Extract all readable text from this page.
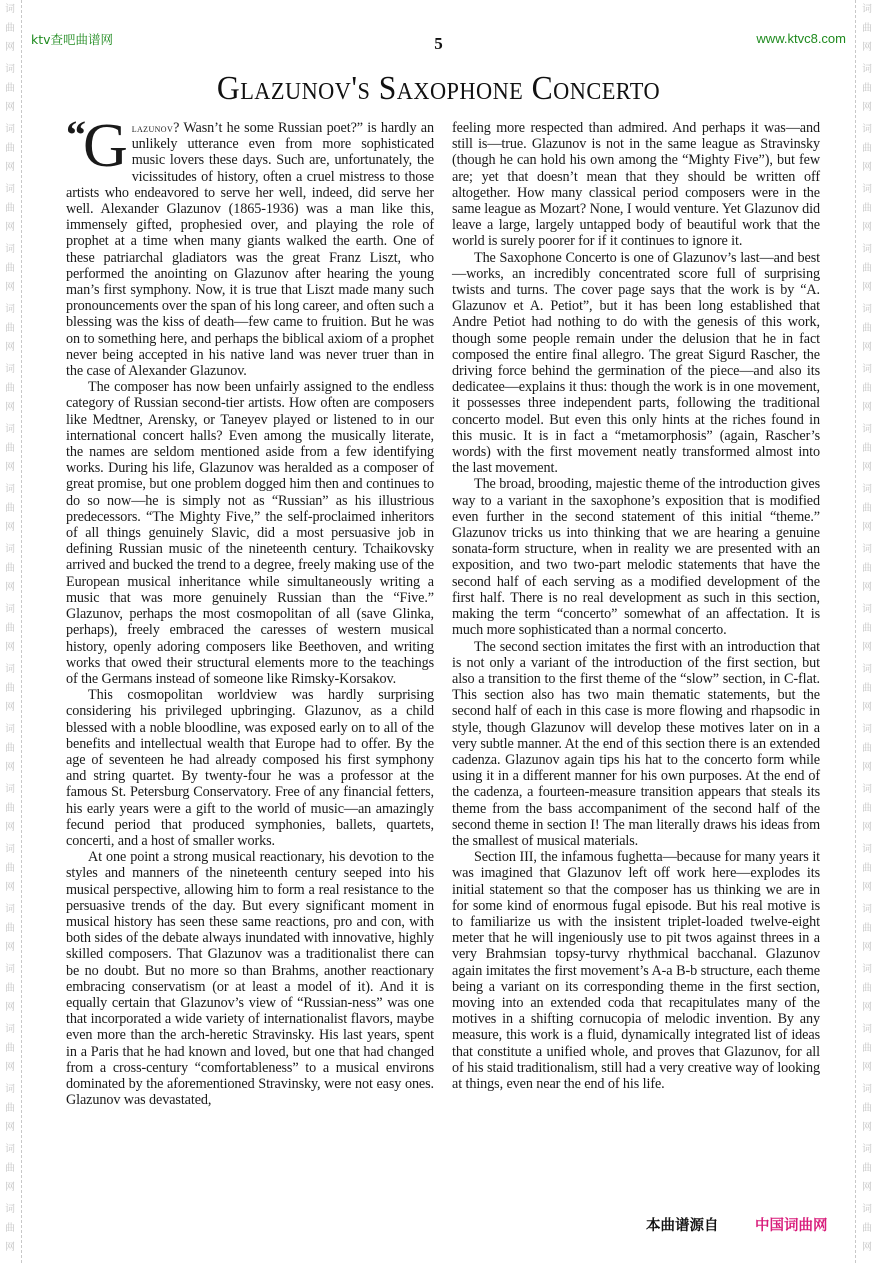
词
曲
网
词
曲
网
词
曲
网
词
曲
网
词
曲
网
词
曲
网
词
曲
网
词
曲
网
词
曲
网
词
曲
网
词
曲
网
词
曲
网
词
曲
网
词
曲
网
词
曲
网
词
曲
网
词
曲
网
词
曲
网
词
曲
网
词
曲
网
词
曲
网
词
曲
网
词
曲
网
词
曲
网
词
曲
网
词
曲
网
词
曲
网
词
曲
网
词
曲
网
词
曲
网
词
曲
网
词
曲
网
词
曲
网
词
曲
网
词
曲
网
词
曲
网
词
曲
网
词
曲
网
词
曲
网
词
曲
网
词
曲
网
词
曲
网
ktv查吧曲谱网	5	www.ktvc8.com
Glazunov's Saxophone Concerto

“ G lazunov? Wasn’t he some Russian poet?” is hardly an unlikely utterance even from more sophisticated music lovers these days. Such are, unfortunately, the vicissitudes of history, often a cruel mistress to those artists who endeavored to serve her well, indeed, did serve her well. Alexander Glazunov (1865-1936) was a man like this, immensely gifted, prophesied over, and playing the role of prophet at a time when many giants walked the earth. One of these patriarchal gladiators was the great Franz Liszt, who performed the anointing on Glazunov after hearing the young man’s first symphony. Now, it is true that Liszt made many such pronouncements over the span of his long career, and often such a blessing was the kiss of death—few came to fruition. But he was on to something here, and perhaps the biblical axiom of a prophet never being accepted in his native land was never truer than in the case of Alexander Glazunov.

The composer has now been unfairly assigned to the endless category of Russian second-tier artists. How often are composers like Medtner, Arensky, or Taneyev played or listened to in our international concert halls? Even among the musically literate, the names are seldom mentioned aside from a few identifying works. During his life, Glazunov was heralded as a composer of great promise, but one problem dogged him then and continues to do so now—he is simply not as “Russian” as his illustrious predecessors. “The Mighty Five,” the self-proclaimed inheritors of all things genuinely Slavic, did a most persuasive job in defining Russian music of the nineteenth century. Tchaikovsky arrived and bucked the trend to a degree, freely making use of the European musical inheritance while simultaneously writing a music that was more genuinely Russian than the “Five.” Glazunov, perhaps the most cosmopolitan of all (save Glinka, perhaps), freely embraced the caresses of western musical history, openly adoring composers like Beethoven, and writing works that owed their structural elements more to the teachings of the Germans instead of someone like Rimsky-Korsakov.

This cosmopolitan worldview was hardly surprising considering his privileged upbringing. Glazunov, as a child blessed with a noble bloodline, was exposed early on to all of the benefits and intellectual wealth that Europe had to offer. By the age of seventeen he had already composed his first symphony and string quartet. By twenty-four he was a professor at the famous St. Petersburg Conservatory. Free of any financial fetters, his early years were a gift to the world of music—an amazingly fecund period that produced symphonies, ballets, quartets, concerti, and a host of smaller works.

At one point a strong musical reactionary, his devotion to the styles and manners of the nineteenth century seeped into his musical perspective, allowing him to form a real resistance to the persuasive trends of the day. But every significant moment in musical history has seen these same reactions, pro and con, with both sides of the debate always inundated with innovative, highly skilled composers. That Glazunov was a traditionalist there can be no doubt. But no more so than Brahms, another reactionary embracing conservatism (or at least a model of it). And it is equally certain that Glazunov’s view of “Russian-ness” was one that incorporated a wide variety of internationalist flavors, maybe even more than the arch-heretic Stravinsky. His last years, spent in a Paris that he had known and loved, but one that had changed from a cross-century “comfortableness” to a musical environs dominated by the aforementioned Stravinsky, were not easy ones. Glazunov was devastated,

feeling more respected than admired. And perhaps it was—and still is—true. Glazunov is not in the same league as Stravinsky (though he can hold his own among the “Mighty Five”), but few are; yet that doesn’t mean that they should be written off altogether. How many classical period composers were in the same league as Mozart? None, I would venture. Yet Glazunov did leave a large, largely untapped body of beautiful work that the world is surely poorer for if it continues to ignore it.

The Saxophone Concerto is one of Glazunov’s last—and best—works, an incredibly concentrated score full of surprising twists and turns. The cover page says that the work is by “A. Glazunov et A. Petiot”, but it has been long established that Andre Petiot had nothing to do with the genesis of this work, though some people remain under the delusion that he in fact composed the entire final allegro. The great Sigurd Rascher, the driving force behind the germination of the piece—and also its dedicatee—explains it thus: though the work is in one movement, it possesses three independent parts, following the traditional concerto model. But even this only hints at the riches found in this music. It is in fact a “metamorphosis” (again, Rascher’s words) with the first movement neatly transformed almost into the last movement.

The broad, brooding, majestic theme of the introduction gives way to a variant in the saxophone’s exposition that is modified even further in the second statement of this initial “theme.” Glazunov tricks us into thinking that we are hearing a genuine sonata-form structure, when in reality we are presented with an exposition, and two two-part melodic statements that have the second half of each serving as a modified development of the first half. There is no real development as such in this section, making the term “concerto” somewhat of an affectation. It is much more sophisticated than a normal concerto.

The second section imitates the first with an introduction that is not only a variant of the introduction of the first section, but also a transition to the first theme of the “slow” section, in C-flat. This section also has two main thematic statements, but the second half of each in this case is more flowing and rhapsodic in style, though Glazunov will develop these motives later on in a very subtle manner. At the end of this section there is an extended cadenza. Glazunov again tips his hat to the concerto form while using it in a different manner for his own purposes. At the end of the cadenza, a fourteen-measure transition appears that steals its theme from the bass accompaniment of the second half of the second theme in section I! The man literally draws his ideas from the smallest of musical materials.

Section III, the infamous fughetta—because for many years it was imagined that Glazunov left off work here—explodes its initial statement so that the composer has us thinking we are in for some kind of enormous fugal episode. But his real motive is to familiarize us with the insistent triplet-loaded twelve-eight meter that he will ingeniously use to pit twos against threes in a very Brahmsian topsy-turvy rhythmical bacchanal. Glazunov again imitates the first movement’s A-a B-b structure, each theme being a variant on its corresponding theme in the first section, moving into an extended coda that recapitulates many of the motives in a shifting cornucopia of melodic invention. By any measure, this work is a fluid, dynamically integrated list of ideas that constitute a unified whole, and proves that Glazunov, for all of his staid traditionalism, still had a very creative way of looking at things, even near the end of his life.

本曲谱源自	中国词曲网
